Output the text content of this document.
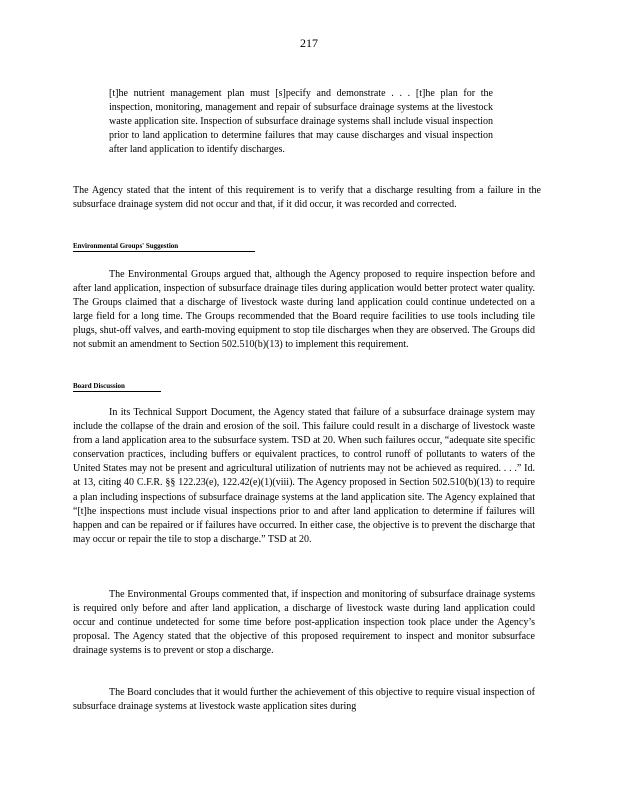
217

[t]he nutrient management plan must [s]pecify and demonstrate . . . [t]he plan for the inspection, monitoring, management and repair of subsurface drainage systems at the livestock waste application site. Inspection of subsurface drainage systems shall include visual inspection prior to land application to determine failures that may cause discharges and visual inspection after land application to identify discharges.

The Agency stated that the intent of this requirement is to verify that a discharge resulting from a failure in the subsurface drainage system did not occur and that, if it did occur, it was recorded and corrected.

Environmental Groups' Suggestion

The Environmental Groups argued that, although the Agency proposed to require inspection before and after land application, inspection of subsurface drainage tiles during application would better protect water quality. The Groups claimed that a discharge of livestock waste during land application could continue undetected on a large field for a long time. The Groups recommended that the Board require facilities to use tools including tile plugs, shut-off valves, and earth-moving equipment to stop tile discharges when they are observed. The Groups did not submit an amendment to Section 502.510(b)(13) to implement this requirement.

Board Discussion

In its Technical Support Document, the Agency stated that failure of a subsurface drainage system may include the collapse of the drain and erosion of the soil. This failure could result in a discharge of livestock waste from a land application area to the subsurface system. TSD at 20. When such failures occur, “adequate site specific conservation practices, including buffers or equivalent practices, to control runoff of pollutants to waters of the United States may not be present and agricultural utilization of nutrients may not be achieved as required. . . .” Id. at 13, citing 40 C.F.R. §§ 122.23(e), 122.42(e)(1)(viii). The Agency proposed in Section 502.510(b)(13) to require a plan including inspections of subsurface drainage systems at the land application site. The Agency explained that “[t]he inspections must include visual inspections prior to and after land application to determine if failures will happen and can be repaired or if failures have occurred. In either case, the objective is to prevent the discharge that may occur or repair the tile to stop a discharge.” TSD at 20.

The Environmental Groups commented that, if inspection and monitoring of subsurface drainage systems is required only before and after land application, a discharge of livestock waste during land application could occur and continue undetected for some time before post-application inspection took place under the Agency’s proposal. The Agency stated that the objective of this proposed requirement to inspect and monitor subsurface drainage systems is to prevent or stop a discharge.

The Board concludes that it would further the achievement of this objective to require visual inspection of subsurface drainage systems at livestock waste application sites during
